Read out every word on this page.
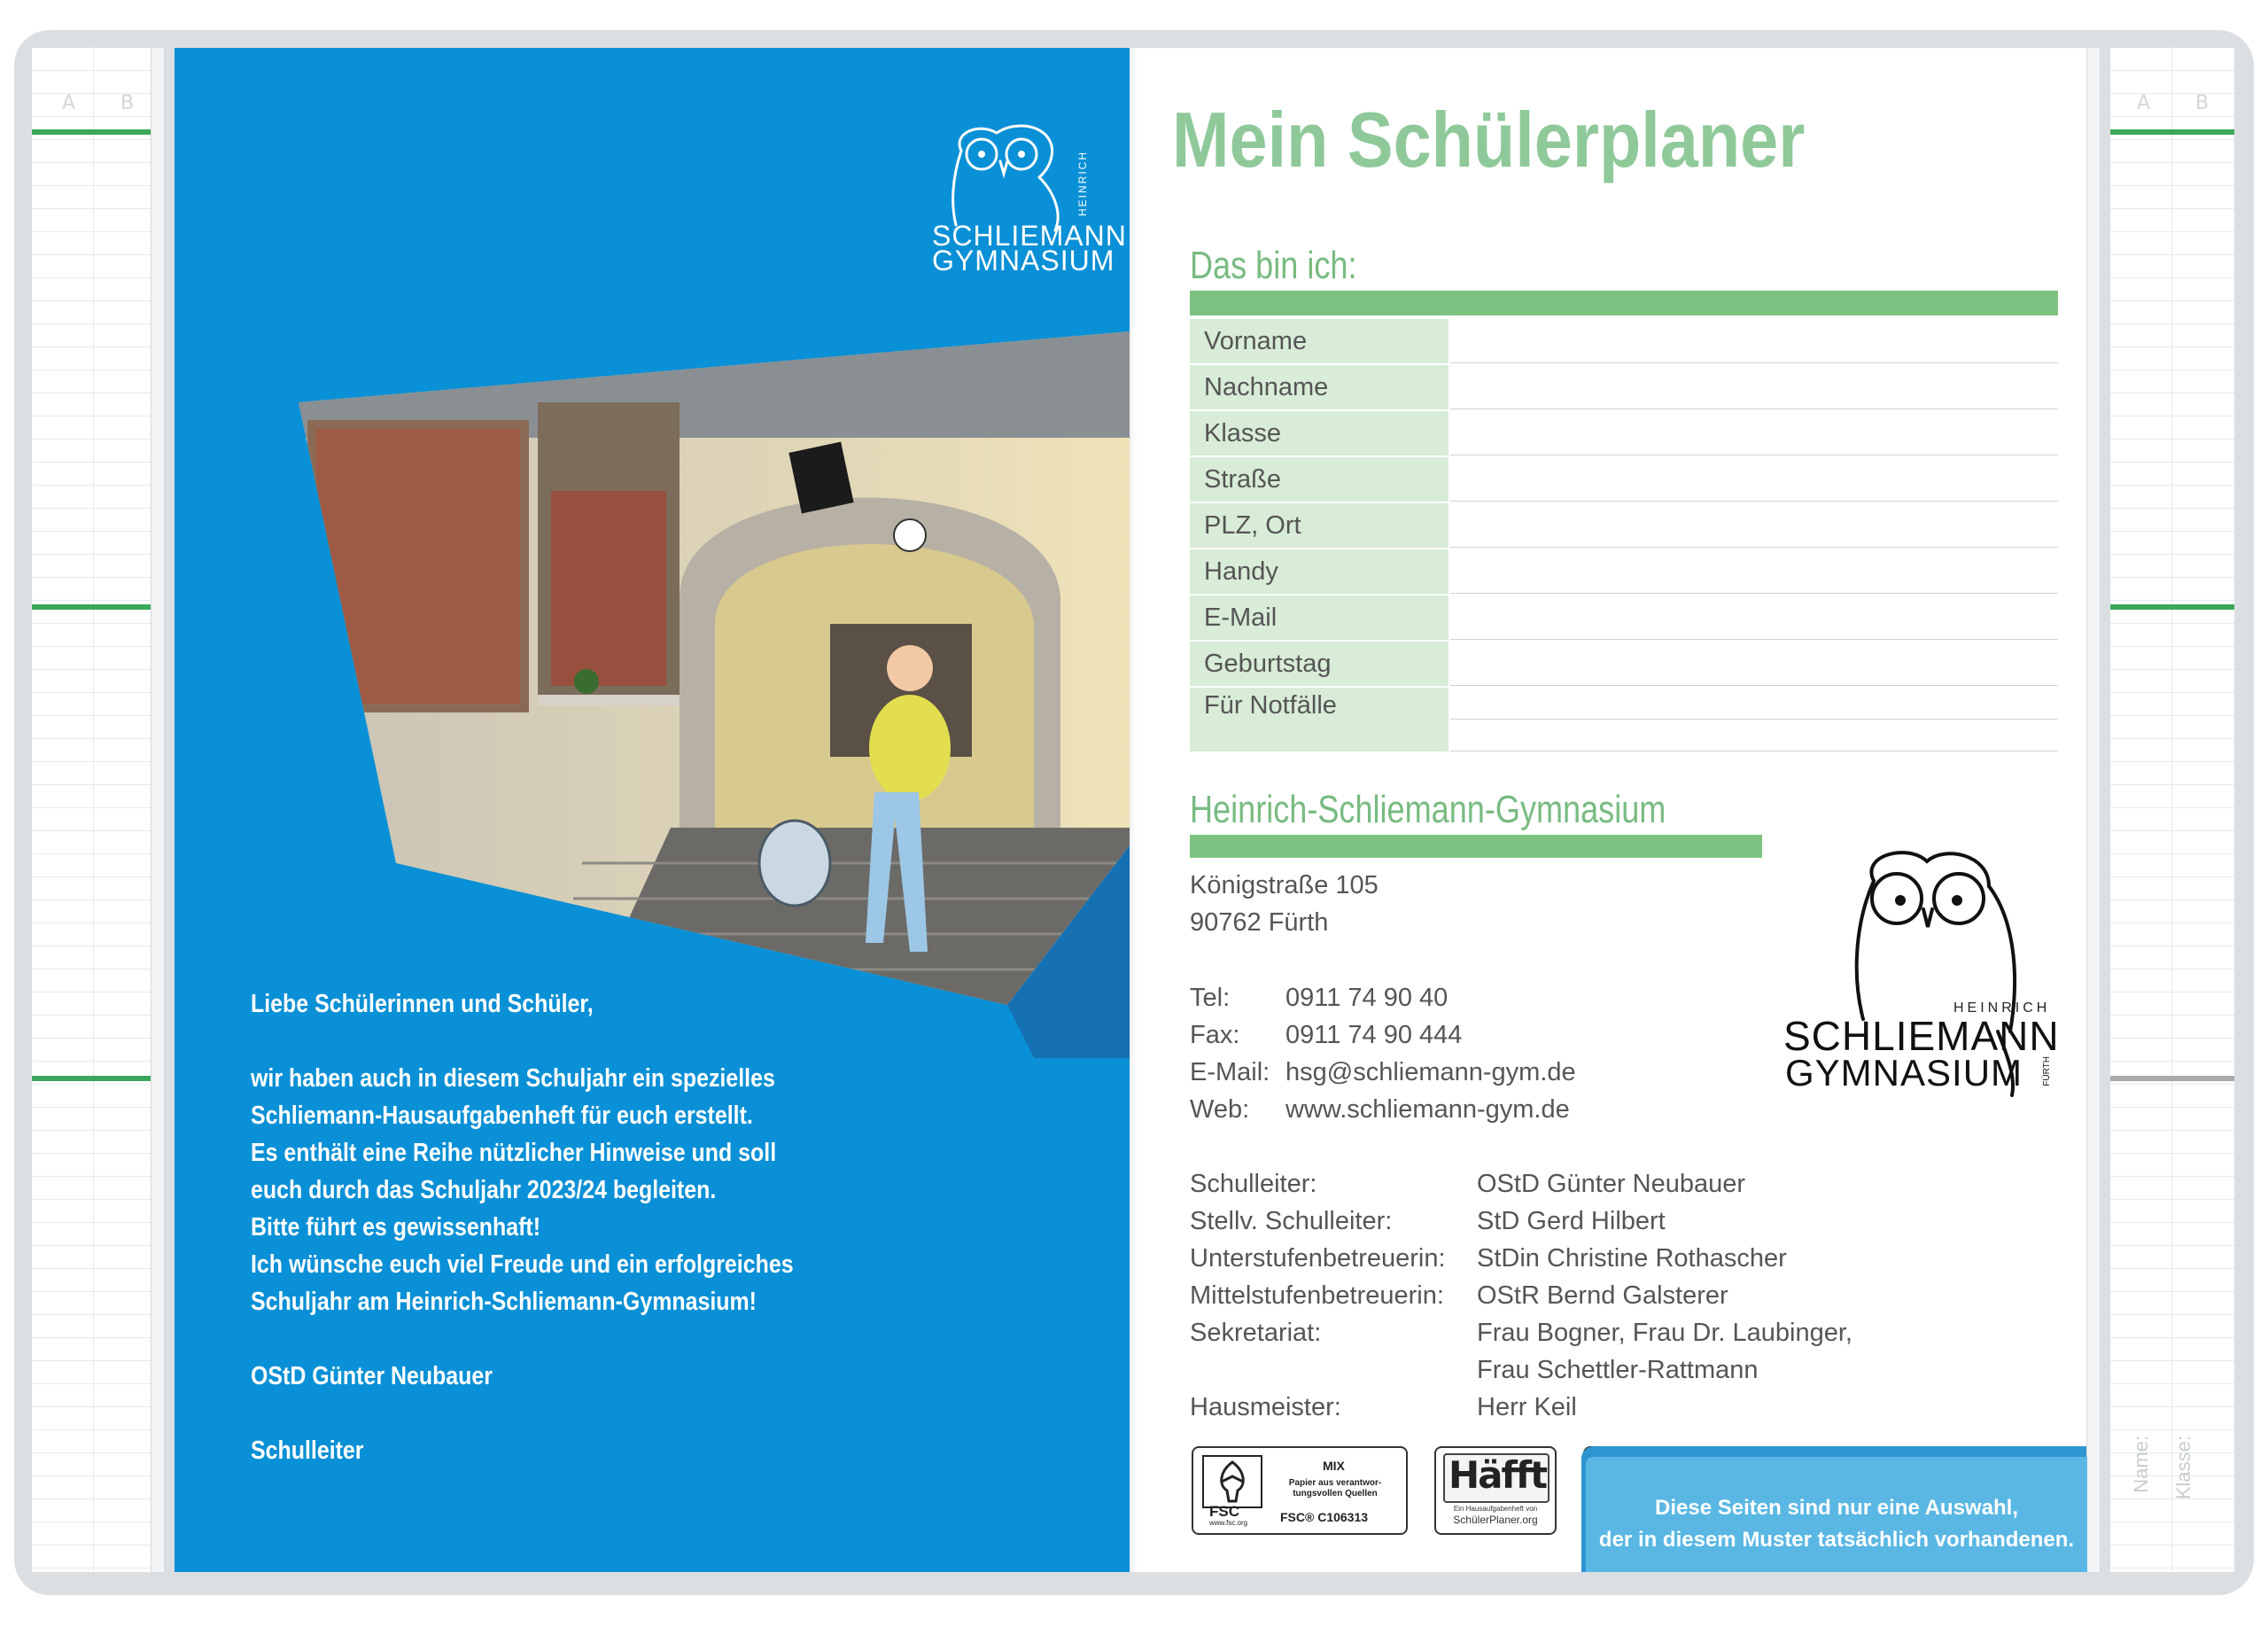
A B	A B
Name: Klasse:
HEINRICH
SCHLIEMANN
GYMNASIUM

Liebe Schülerinnen und Schüler,

wir haben auch in diesem Schuljahr ein spezielles

Schliemann-Hausaufgabenheft für euch erstellt.

Es enthält eine Reihe nützlicher Hinweise und soll

euch durch das Schuljahr 2023/24 begleiten.

Bitte führt es gewissenhaft!

Ich wünsche euch viel Freude und ein erfolgreiches

Schuljahr am Heinrich-Schliemann-Gymnasium!

OStD Günter Neubauer

Schulleiter

Mein Schülerplaner
Das bin ich:
Vorname
Nachname
Klasse
Straße
PLZ, Ort
Handy
E-Mail
Geburtstag
Für Notfälle
Heinrich-Schliemann-Gymnasium
Königstraße 105
90762 Fürth
Tel: 0911 74 90 40
Fax: 0911 74 90 444
E-Mail: hsg@schliemann-gym.de
Web: www.schliemann-gym.de
Schulleiter:	OStD Günter Neubauer
Stellv. Schulleiter:	StD Gerd Hilbert
Unterstufenbetreuerin: StDin Christine Rothascher
Mittelstufenbetreuerin: OStR Bernd Galsterer
Sekretariat:	Frau Bogner, Frau Dr. Laubinger,
Frau Schettler-Rattmann
Hausmeister:	Herr Keil
HEINRICH
SCHLIEMANN
GYMNASIUM FÜRTH
FSC
www.fsc.org
MIX
Papier aus verantwor-
tungsvollen Quellen
FSC® C106313
Häfft
Ein Hausaufgabenheft von
SchülerPlaner.org	Diese Seiten sind nur eine Auswahl,
der in diesem Muster tatsächlich vorhandenen.
